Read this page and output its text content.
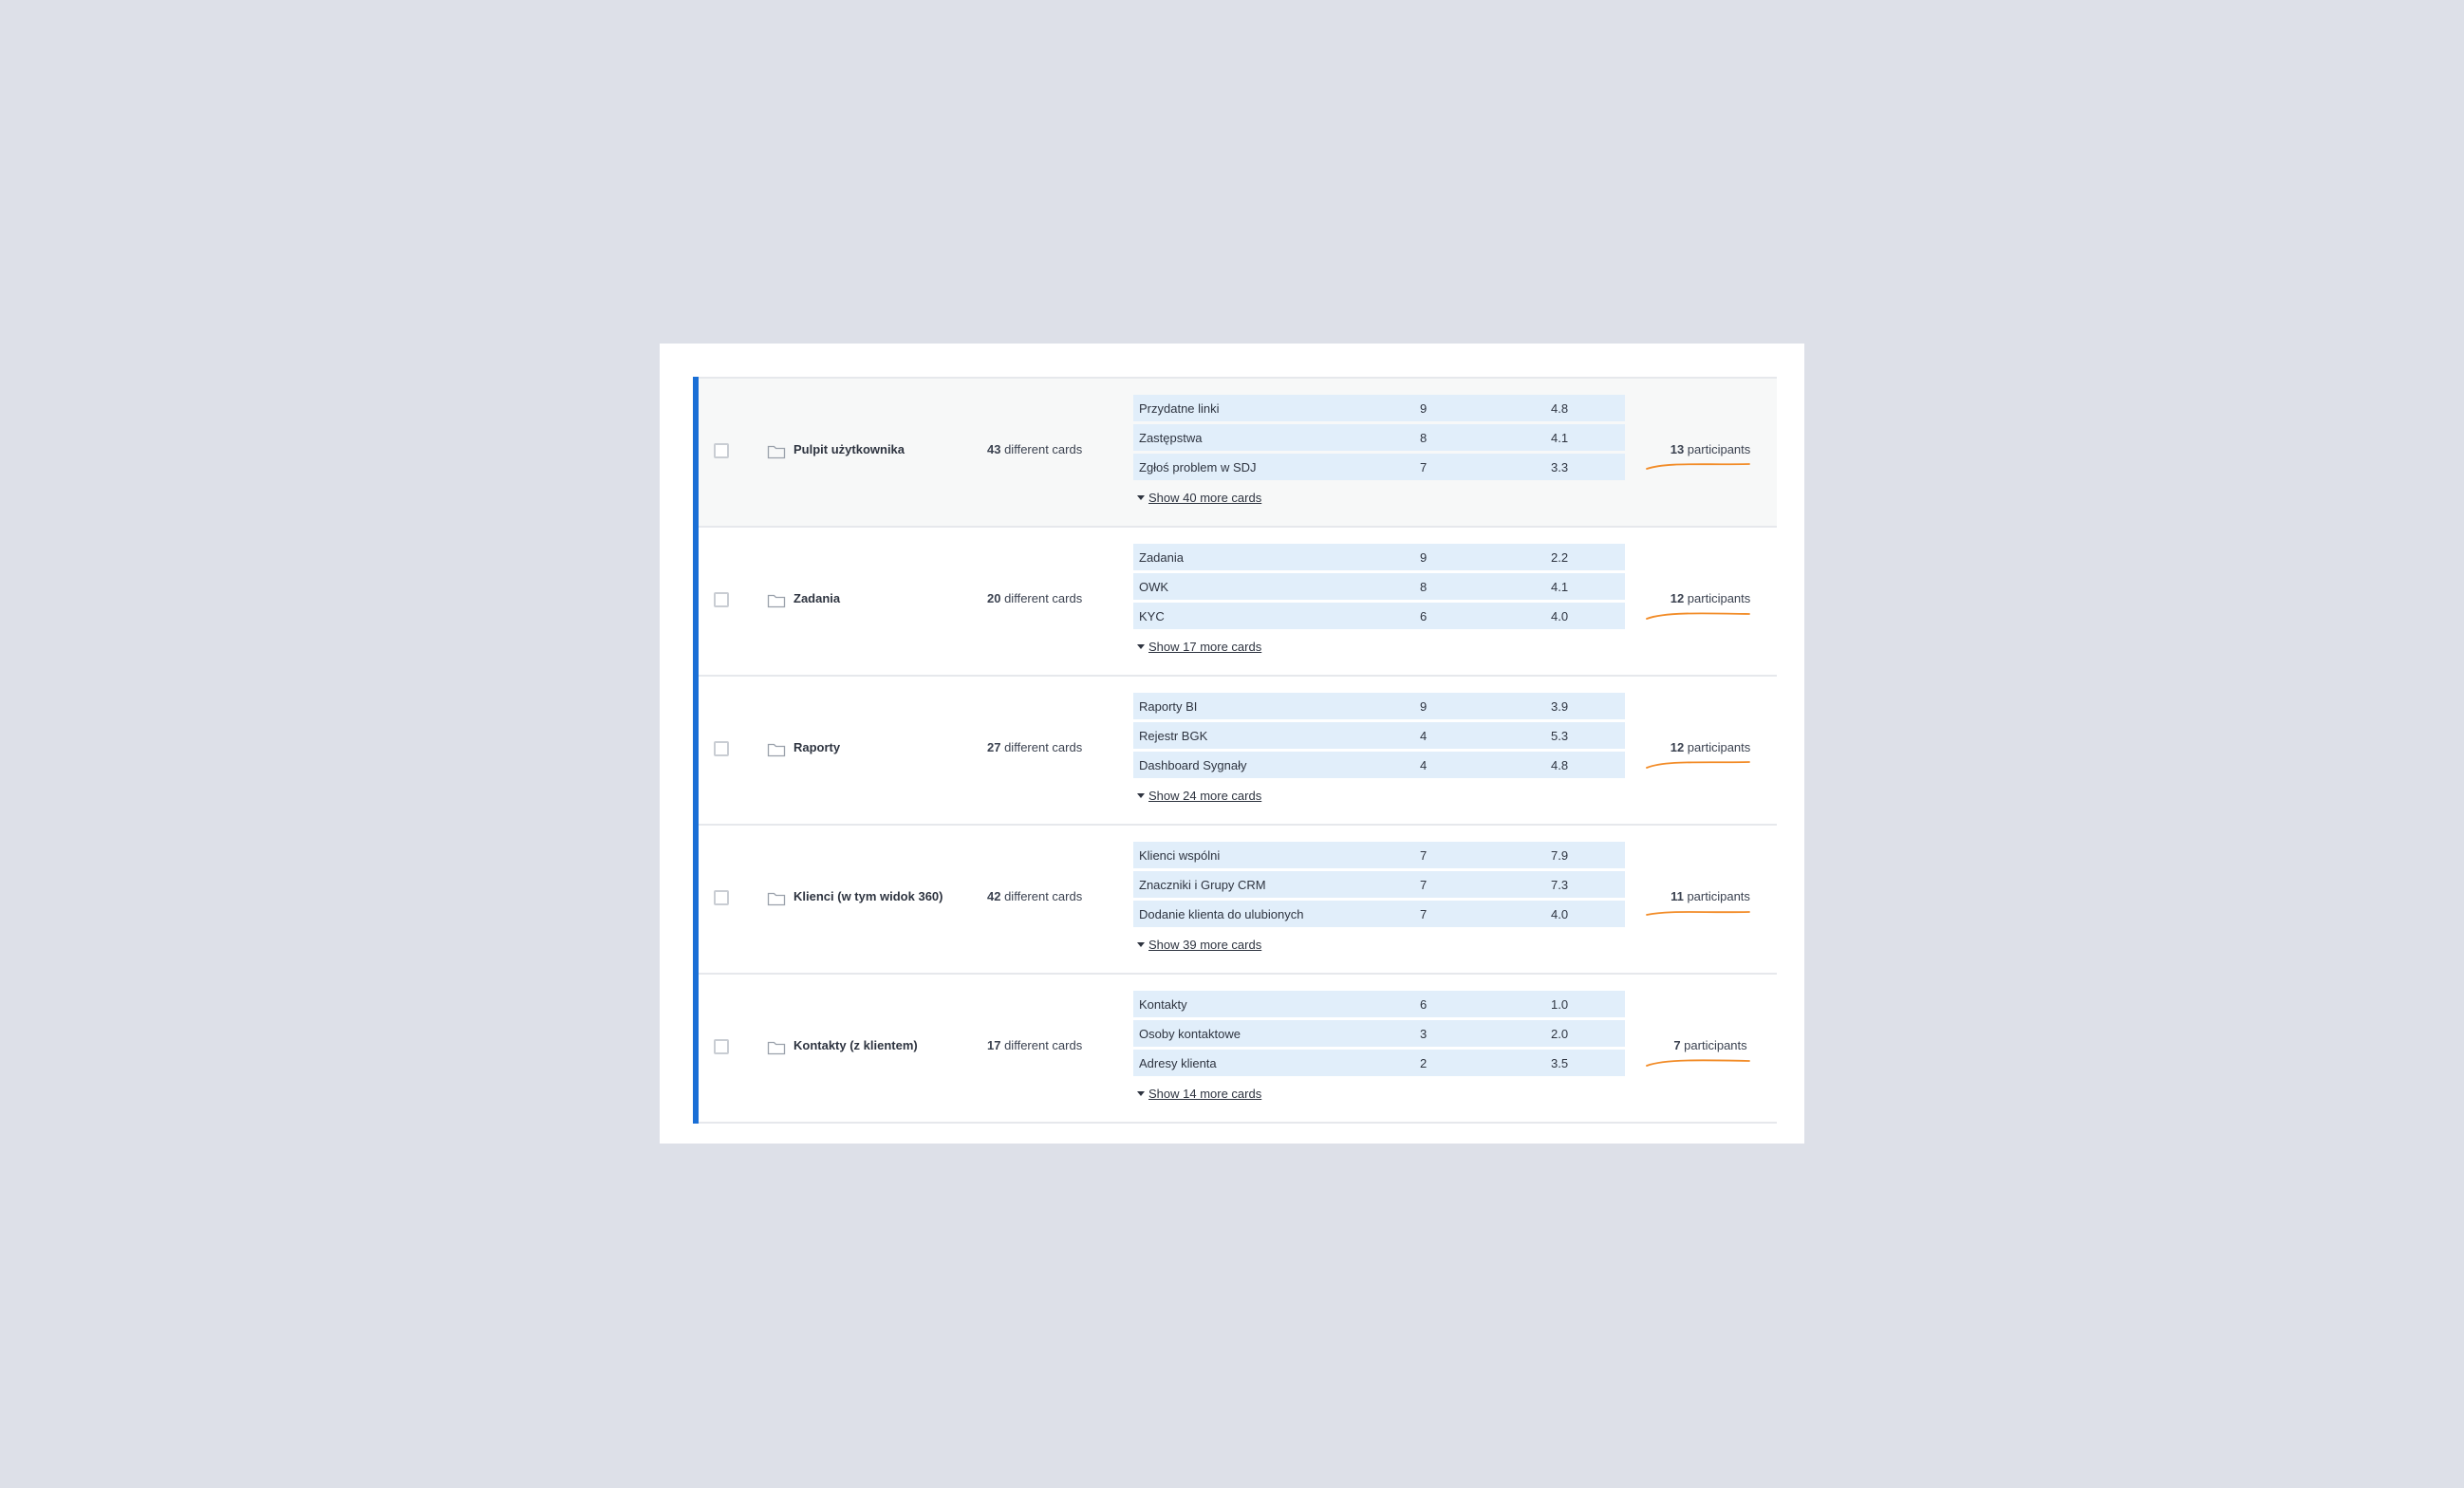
Pulpit użytkownika	43 different cards
Przydatne linki	9	4.8
Zastępstwa	8	4.1
Zgłoś problem w SDJ	7	3.3
Show 40 more cards
13 participants
Zadania	20 different cards
Zadania	9	2.2
OWK	8	4.1
KYC	6	4.0
Show 17 more cards
12 participants
Raporty	27 different cards
Raporty BI	9	3.9
Rejestr BGK	4	5.3
Dashboard Sygnały	4	4.8
Show 24 more cards
12 participants
Klienci (w tym widok 360)	42 different cards
Klienci wspólni	7	7.9
Znaczniki i Grupy CRM	7	7.3
Dodanie klienta do ulubionych	7	4.0
Show 39 more cards
11 participants
Kontakty (z klientem)	17 different cards
Kontakty	6	1.0
Osoby kontaktowe	3	2.0
Adresy klienta	2	3.5
Show 14 more cards
7 participants
